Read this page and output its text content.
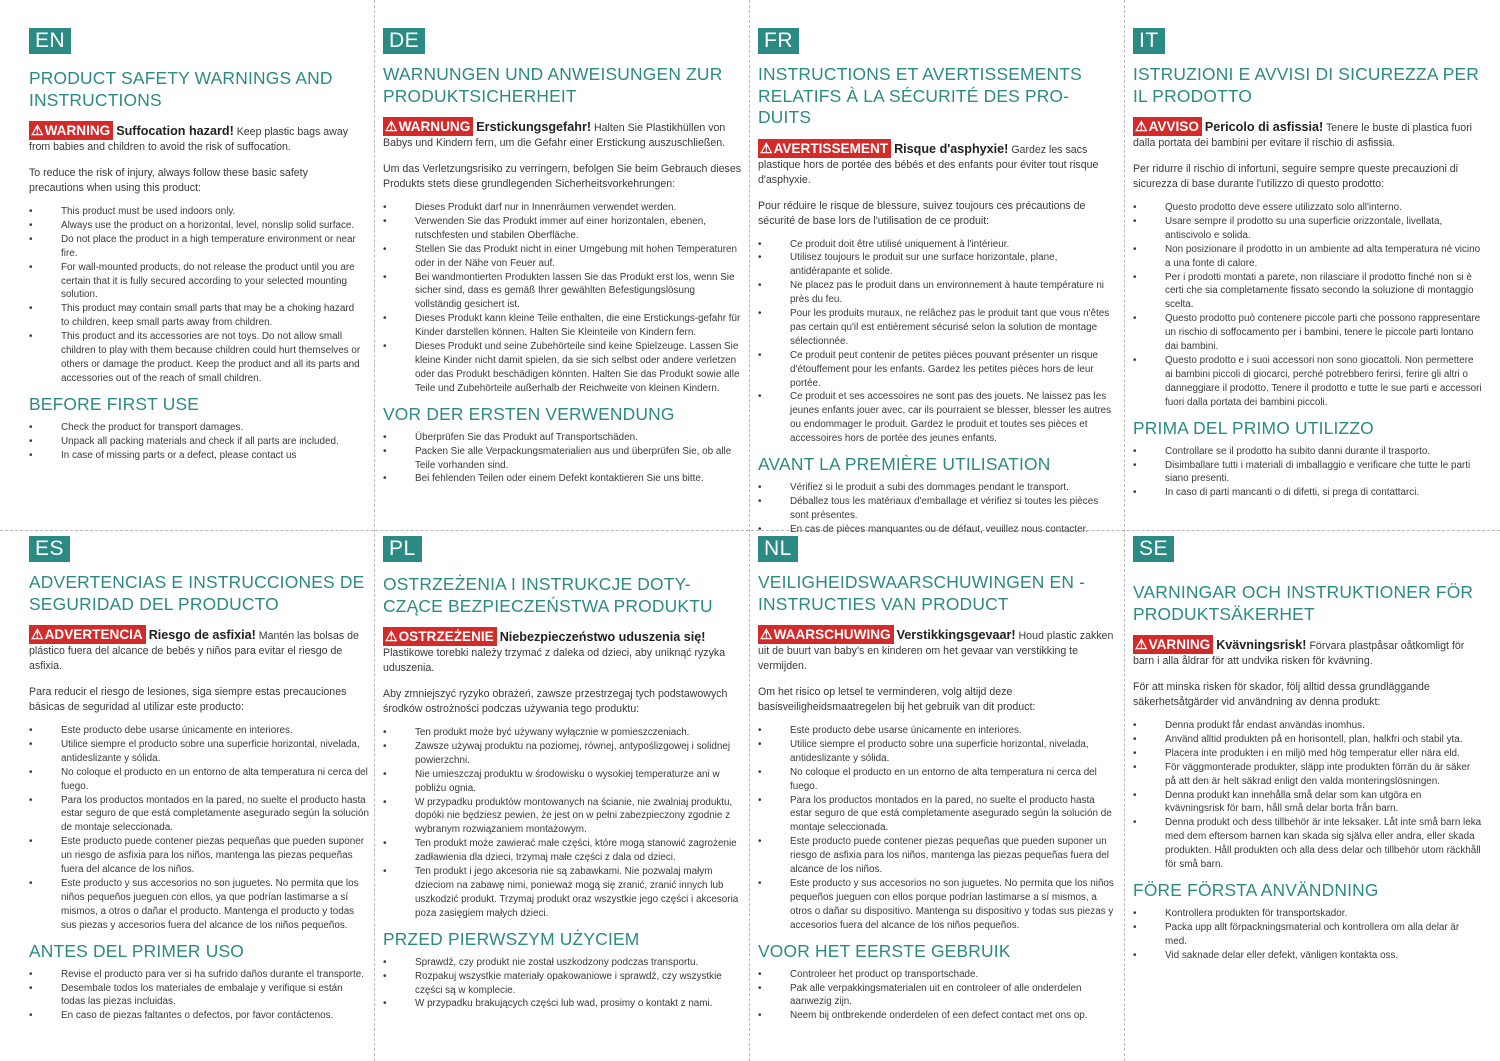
EN
PRODUCT SAFETY WARNINGS AND INSTRUCTIONS
⚠WARNING Suffocation hazard! Keep plastic bags away from babies and children to avoid the risk of suffocation.
To reduce the risk of injury, always follow these basic safety precautions when using this product:
• This product must be used indoors only.
• Always use the product on a horizontal, level, nonslip solid surface.
• Do not place the product in a high temperature environment or near fire.
• For wall-mounted products, do not release the product until you are certain that it is fully secured according to your selected mounting solution.
• This product may contain small parts that may be a choking hazard to children, keep small parts away from children.
• This product and its accessories are not toys. Do not allow small children to play with them because children could hurt themselves or others or damage the product. Keep the product and all its parts and accessories out of the reach of small children.
BEFORE FIRST USE
• Check the product for transport damages.
• Unpack all packing materials and check if all parts are included.
• In case of missing parts or a defect, please contact us
DE
WARNUNGEN UND ANWEISUNGEN ZUR PRODUKTSICHERHEIT
⚠WARNUNG Erstickungsgefahr! Halten Sie Plastikhüllen von Babys und Kindern fern, um die Gefahr einer Erstickung auszuschließen.
Um das Verletzungsrisiko zu verringern, befolgen Sie beim Gebrauch dieses Produkts stets diese grundlegenden Sicherheitsvorkehrungen:
• Dieses Produkt darf nur in Innenräumen verwendet werden.
• Verwenden Sie das Produkt immer auf einer horizontalen, ebenen, rutschfesten und stabilen Oberfläche.
• Stellen Sie das Produkt nicht in einer Umgebung mit hohen Temperaturen oder in der Nähe von Feuer auf.
• Bei wandmontierten Produkten lassen Sie das Produkt erst los, wenn Sie sicher sind, dass es gemäß Ihrer gewählten Befestigungslösung vollständig gesichert ist.
• Dieses Produkt kann kleine Teile enthalten, die eine Erstickungs-gefahr für Kinder darstellen können. Halten Sie Kleinteile von Kindern fern.
• Dieses Produkt und seine Zubehörteile sind keine Spielzeuge. Lassen Sie kleine Kinder nicht damit spielen, da sie sich selbst oder andere verletzen oder das Produkt beschädigen könnten. Halten Sie das Produkt sowie alle Teile und Zubehörteile außerhalb der Reichweite von kleinen Kindern.
VOR DER ERSTEN VERWENDUNG
• Überprüfen Sie das Produkt auf Transportschäden.
• Packen Sie alle Verpackungsmaterialien aus und überprüfen Sie, ob alle Teile vorhanden sind.
• Bei fehlenden Teilen oder einem Defekt kontaktieren Sie uns bitte.
FR
INSTRUCTIONS ET AVERTISSEMENTS RELATIFS À LA SÉCURITÉ DES PRO-DUITS
⚠AVERTISSEMENT Risque d'asphyxie! Gardez les sacs plastique hors de portée des bébés et des enfants pour éviter tout risque d'asphyxie.
Pour réduire le risque de blessure, suivez toujours ces précautions de sécurité de base lors de l'utilisation de ce produit:
• Ce produit doit être utilisé uniquement à l'intérieur.
• Utilisez toujours le produit sur une surface horizontale, plane, antidérapante et solide.
• Ne placez pas le produit dans un environnement à haute température ni près du feu.
• Pour les produits muraux, ne relâchez pas le produit tant que vous n'êtes pas certain qu'il est entièrement sécurisé selon la solution de montage sélectionnée.
• Ce produit peut contenir de petites pièces pouvant présenter un risque d'étouffement pour les enfants. Gardez les petites pièces hors de leur portée.
• Ce produit et ses accessoires ne sont pas des jouets. Ne laissez pas les jeunes enfants jouer avec, car ils pourraient se blesser, blesser les autres ou endommager le produit. Gardez le produit et toutes ses pièces et accessoires hors de portée des jeunes enfants.
AVANT LA PREMIÈRE UTILISATION
• Vérifiez si le produit a subi des dommages pendant le transport.
• Déballez tous les matériaux d'emballage et vérifiez si toutes les pièces sont présentes.
• En cas de pièces manquantes ou de défaut, veuillez nous contacter.
IT
ISTRUZIONI E AVVISI DI SICUREZZA PER IL PRODOTTO
⚠AVVISO Pericolo di asfissia! Tenere le buste di plastica fuori dalla portata dei bambini per evitare il rischio di asfissia.
Per ridurre il rischio di infortuni, seguire sempre queste precauzioni di sicurezza di base durante l'utilizzo di questo prodotto:
• Questo prodotto deve essere utilizzato solo all'interno.
• Usare sempre il prodotto su una superficie orizzontale, livellata, antiscivolo e solida.
• Non posizionare il prodotto in un ambiente ad alta temperatura né vicino a una fonte di calore.
• Per i prodotti montati a parete, non rilasciare il prodotto finché non si è certi che sia completamente fissato secondo la soluzione di montaggio scelta.
• Questo prodotto può contenere piccole parti che possono rappresentare un rischio di soffocamento per i bambini, tenere le piccole parti lontano dai bambini.
• Questo prodotto e i suoi accessori non sono giocattoli. Non permettere ai bambini piccoli di giocarci, perché potrebbero ferirsi, ferire gli altri o danneggiare il prodotto. Tenere il prodotto e tutte le sue parti e accessori fuori dalla portata dei bambini piccoli.
PRIMA DEL PRIMO UTILIZZO
• Controllare se il prodotto ha subito danni durante il trasporto.
• Disimballare tutti i materiali di imballaggio e verificare che tutte le parti siano presenti.
• In caso di parti mancanti o di difetti, si prega di contattarci.
ES
ADVERTENCIAS E INSTRUCCIONES DE SEGURIDAD DEL PRODUCTO
⚠ADVERTENCIA Riesgo de asfixia! Mantén las bolsas de plástico fuera del alcance de bebés y niños para evitar el riesgo de asfixia.
Para reducir el riesgo de lesiones, siga siempre estas precauciones básicas de seguridad al utilizar este producto:
• Este producto debe usarse únicamente en interiores.
• Utilice siempre el producto sobre una superficie horizontal, nivelada, antideslizante y sólida.
• No coloque el producto en un entorno de alta temperatura ni cerca del fuego.
• Para los productos montados en la pared, no suelte el producto hasta estar seguro de que está completamente asegurado según la solución de montaje seleccionada.
• Este producto puede contener piezas pequeñas que pueden suponer un riesgo de asfixia para los niños, mantenga las piezas pequeñas fuera del alcance de los niños.
• Este producto y sus accesorios no son juguetes. No permita que los niños pequeños jueguen con ellos, ya que podrían lastimarse a sí mismos, a otros o dañar el producto. Mantenga el producto y todas sus piezas y accesorios fuera del alcance de los niños pequeños.
ANTES DEL PRIMER USO
• Revise el producto para ver si ha sufrido daños durante el transporte.
• Desembale todos los materiales de embalaje y verifique si están todas las piezas incluidas.
• En caso de piezas faltantes o defectos, por favor contáctenos.
PL
OSTRZEŻENIA I INSTRUKCJE DOTY-CZĄCE BEZPIECZEŃSTWA PRODUKTU
⚠OSTRZEŻENIE Niebezpieczeństwo uduszenia się! Plastikowe torebki należy trzymać z daleka od dzieci, aby uniknąć ryzyka uduszenia.
Aby zmniejszyć ryzyko obrażeń, zawsze przestrzegaj tych podstawowych środków ostrożności podczas używania tego produktu:
• Ten produkt może być używany wyłącznie w pomieszczeniach.
• Zawsze używaj produktu na poziomej, równej, antypoślizgowej i solidnej powierzchni.
• Nie umieszczaj produktu w środowisku o wysokiej temperaturze ani w pobliżu ognia.
• W przypadku produktów montowanych na ścianie, nie zwalniaj produktu, dopóki nie będziesz pewien, że jest on w pełni zabezpieczony zgodnie z wybranym rozwiązaniem montażowym.
• Ten produkt może zawierać małe części, które mogą stanowić zagrożenie zadławienia dla dzieci, trzymaj małe części z dala od dzieci.
• Ten produkt i jego akcesoria nie są zabawkami. Nie pozwalaj małym dzieciom na zabawę nimi, ponieważ mogą się zranić, zranić innych lub uszkodzić produkt. Trzymaj produkt oraz wszystkie jego części i akcesoria poza zasięgiem małych dzieci.
PRZED PIERWSZYM UŻYCIEM
• Sprawdź, czy produkt nie został uszkodzony podczas transportu.
• Rozpakuj wszystkie materiały opakowaniowe i sprawdź, czy wszystkie części są w komplecie.
• W przypadku brakujących części lub wad, prosimy o kontakt z nami.
NL
VEILIGHEIDSWAARSCHUWINGEN EN -INSTRUCTIES VAN PRODUCT
⚠WAARSCHUWING Verstikkingsgevaar! Houd plastic zakken uit de buurt van baby's en kinderen om het gevaar van verstikking te vermijden.
Om het risico op letsel te verminderen, volg altijd deze basisveiligheidsmaatregelen bij het gebruik van dit product:
• Este producto debe usarse únicamente en interiores.
• Utilice siempre el producto sobre una superficie horizontal, nivelada, antideslizante y sólida.
• No coloque el producto en un entorno de alta temperatura ni cerca del fuego.
• Para los productos montados en la pared, no suelte el producto hasta estar seguro de que está completamente asegurado según la solución de montaje seleccionada.
• Este producto puede contener piezas pequeñas que pueden suponer un riesgo de asfixia para los niños, mantenga las piezas pequeñas fuera del alcance de los niños.
• Este producto y sus accesorios no son juguetes. No permita que los niños pequeños jueguen con ellos porque podrían lastimarse a sí mismos, a otros o dañar su dispositivo. Mantenga su dispositivo y todas sus piezas y accesorios fuera del alcance de los niños pequeños.
VOOR HET EERSTE GEBRUIK
• Controleer het product op transportschade.
• Pak alle verpakkingsmaterialen uit en controleer of alle onderdelen aanwezig zijn.
• Neem bij ontbrekende onderdelen of een defect contact met ons op.
SE
VARNINGAR OCH INSTRUKTIONER FÖR PRODUKTSÄKERHET
⚠VARNING Kvävningsrisk! Förvara plastpåsar oåtkomligt för barn i alla åldrar för att undvika risken för kvävning.
För att minska risken för skador, följ alltid dessa grundläggande säkerhetsåtgärder vid användning av denna produkt:
• Denna produkt får endast användas inomhus.
• Använd alltid produkten på en horisontell, plan, halkfri och stabil yta.
• Placera inte produkten i en miljö med hög temperatur eller nära eld.
• För väggmonterade produkter, släpp inte produkten förrän du är säker på att den är helt säkrad enligt den valda monteringslösningen.
• Denna produkt kan innehålla små delar som kan utgöra en kvävningsrisk för barn, håll små delar borta från barn.
• Denna produkt och dess tillbehör är inte leksaker. Låt inte små barn leka med dem eftersom barnen kan skada sig själva eller andra, eller skada produkten. Håll produkten och alla dess delar och tillbehör utom räckhåll för små barn.
FÖRE FÖRSTA ANVÄNDNING
• Kontrollera produkten för transportskador.
• Packa upp allt förpackningsmaterial och kontrollera om alla delar är med.
• Vid saknade delar eller defekt, vänligen kontakta oss.
